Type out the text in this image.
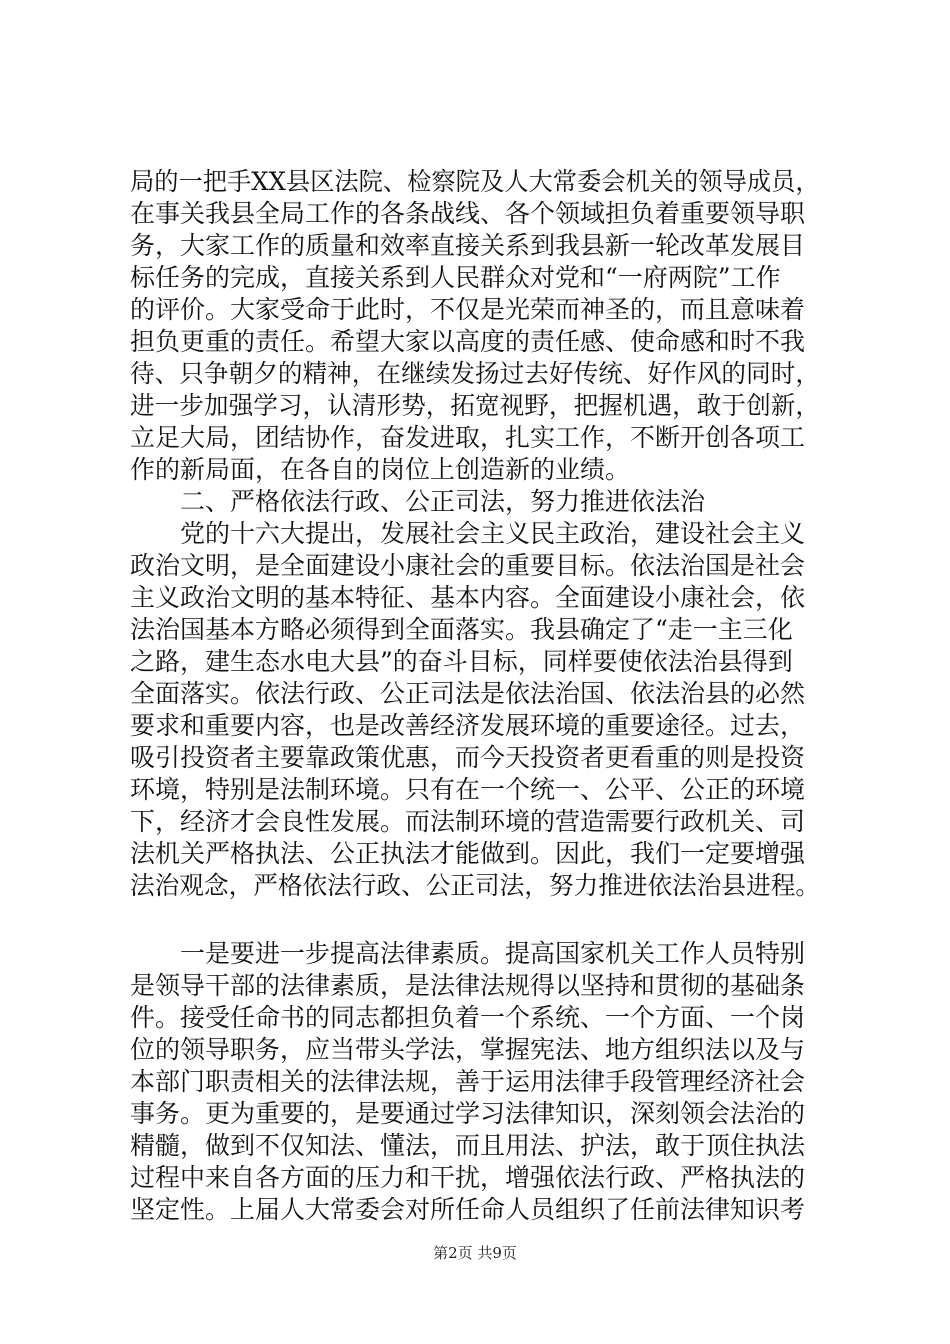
局的一把手XX县区法院、检察院及人大常委会机关的领导成员，
在事关我县全局工作的各条战线、各个领域担负着重要领导职
务，大家工作的质量和效率直接关系到我县新一轮改革发展目
标任务的完成，直接关系到人民群众对党和“一府两院”工作
的评价。大家受命于此时，不仅是光荣而神圣的，而且意味着
担负更重的责任。希望大家以高度的责任感、使命感和时不我
待、只争朝夕的精神，在继续发扬过去好传统、好作风的同时，
进一步加强学习，认清形势，拓宽视野，把握机遇，敢于创新，
立足大局，团结协作，奋发进取，扎实工作，不断开创各项工
作的新局面，在各自的岗位上创造新的业绩。
　　二、严格依法行政、公正司法，努力推进依法治
　　党的十六大提出，发展社会主义民主政治，建设社会主义
政治文明，是全面建设小康社会的重要目标。依法治国是社会
主义政治文明的基本特征、基本内容。全面建设小康社会，依
法治国基本方略必须得到全面落实。我县确定了“走一主三化
之路，建生态水电大县”的奋斗目标，同样要使依法治县得到
全面落实。依法行政、公正司法是依法治国、依法治县的必然
要求和重要内容，也是改善经济发展环境的重要途径。过去，
吸引投资者主要靠政策优惠，而今天投资者更看重的则是投资
环境，特别是法制环境。只有在一个统一、公平、公正的环境
下，经济才会良性发展。而法制环境的营造需要行政机关、司
法机关严格执法、公正执法才能做到。因此，我们一定要增强
法治观念，严格依法行政、公正司法，努力推进依法治县进程。
　　一是要进一步提高法律素质。提高国家机关工作人员特别
是领导干部的法律素质，是法律法规得以坚持和贯彻的基础条
件。接受任命书的同志都担负着一个系统、一个方面、一个岗
位的领导职务，应当带头学法，掌握宪法、地方组织法以及与
本部门职责相关的法律法规，善于运用法律手段管理经济社会
事务。更为重要的，是要通过学习法律知识，深刻领会法治的
精髓，做到不仅知法、懂法，而且用法、护法，敢于顶住执法
过程中来自各方面的压力和干扰，增强依法行政、严格执法的
坚定性。上届人大常委会对所任命人员组织了任前法律知识考
第2页 共9页
